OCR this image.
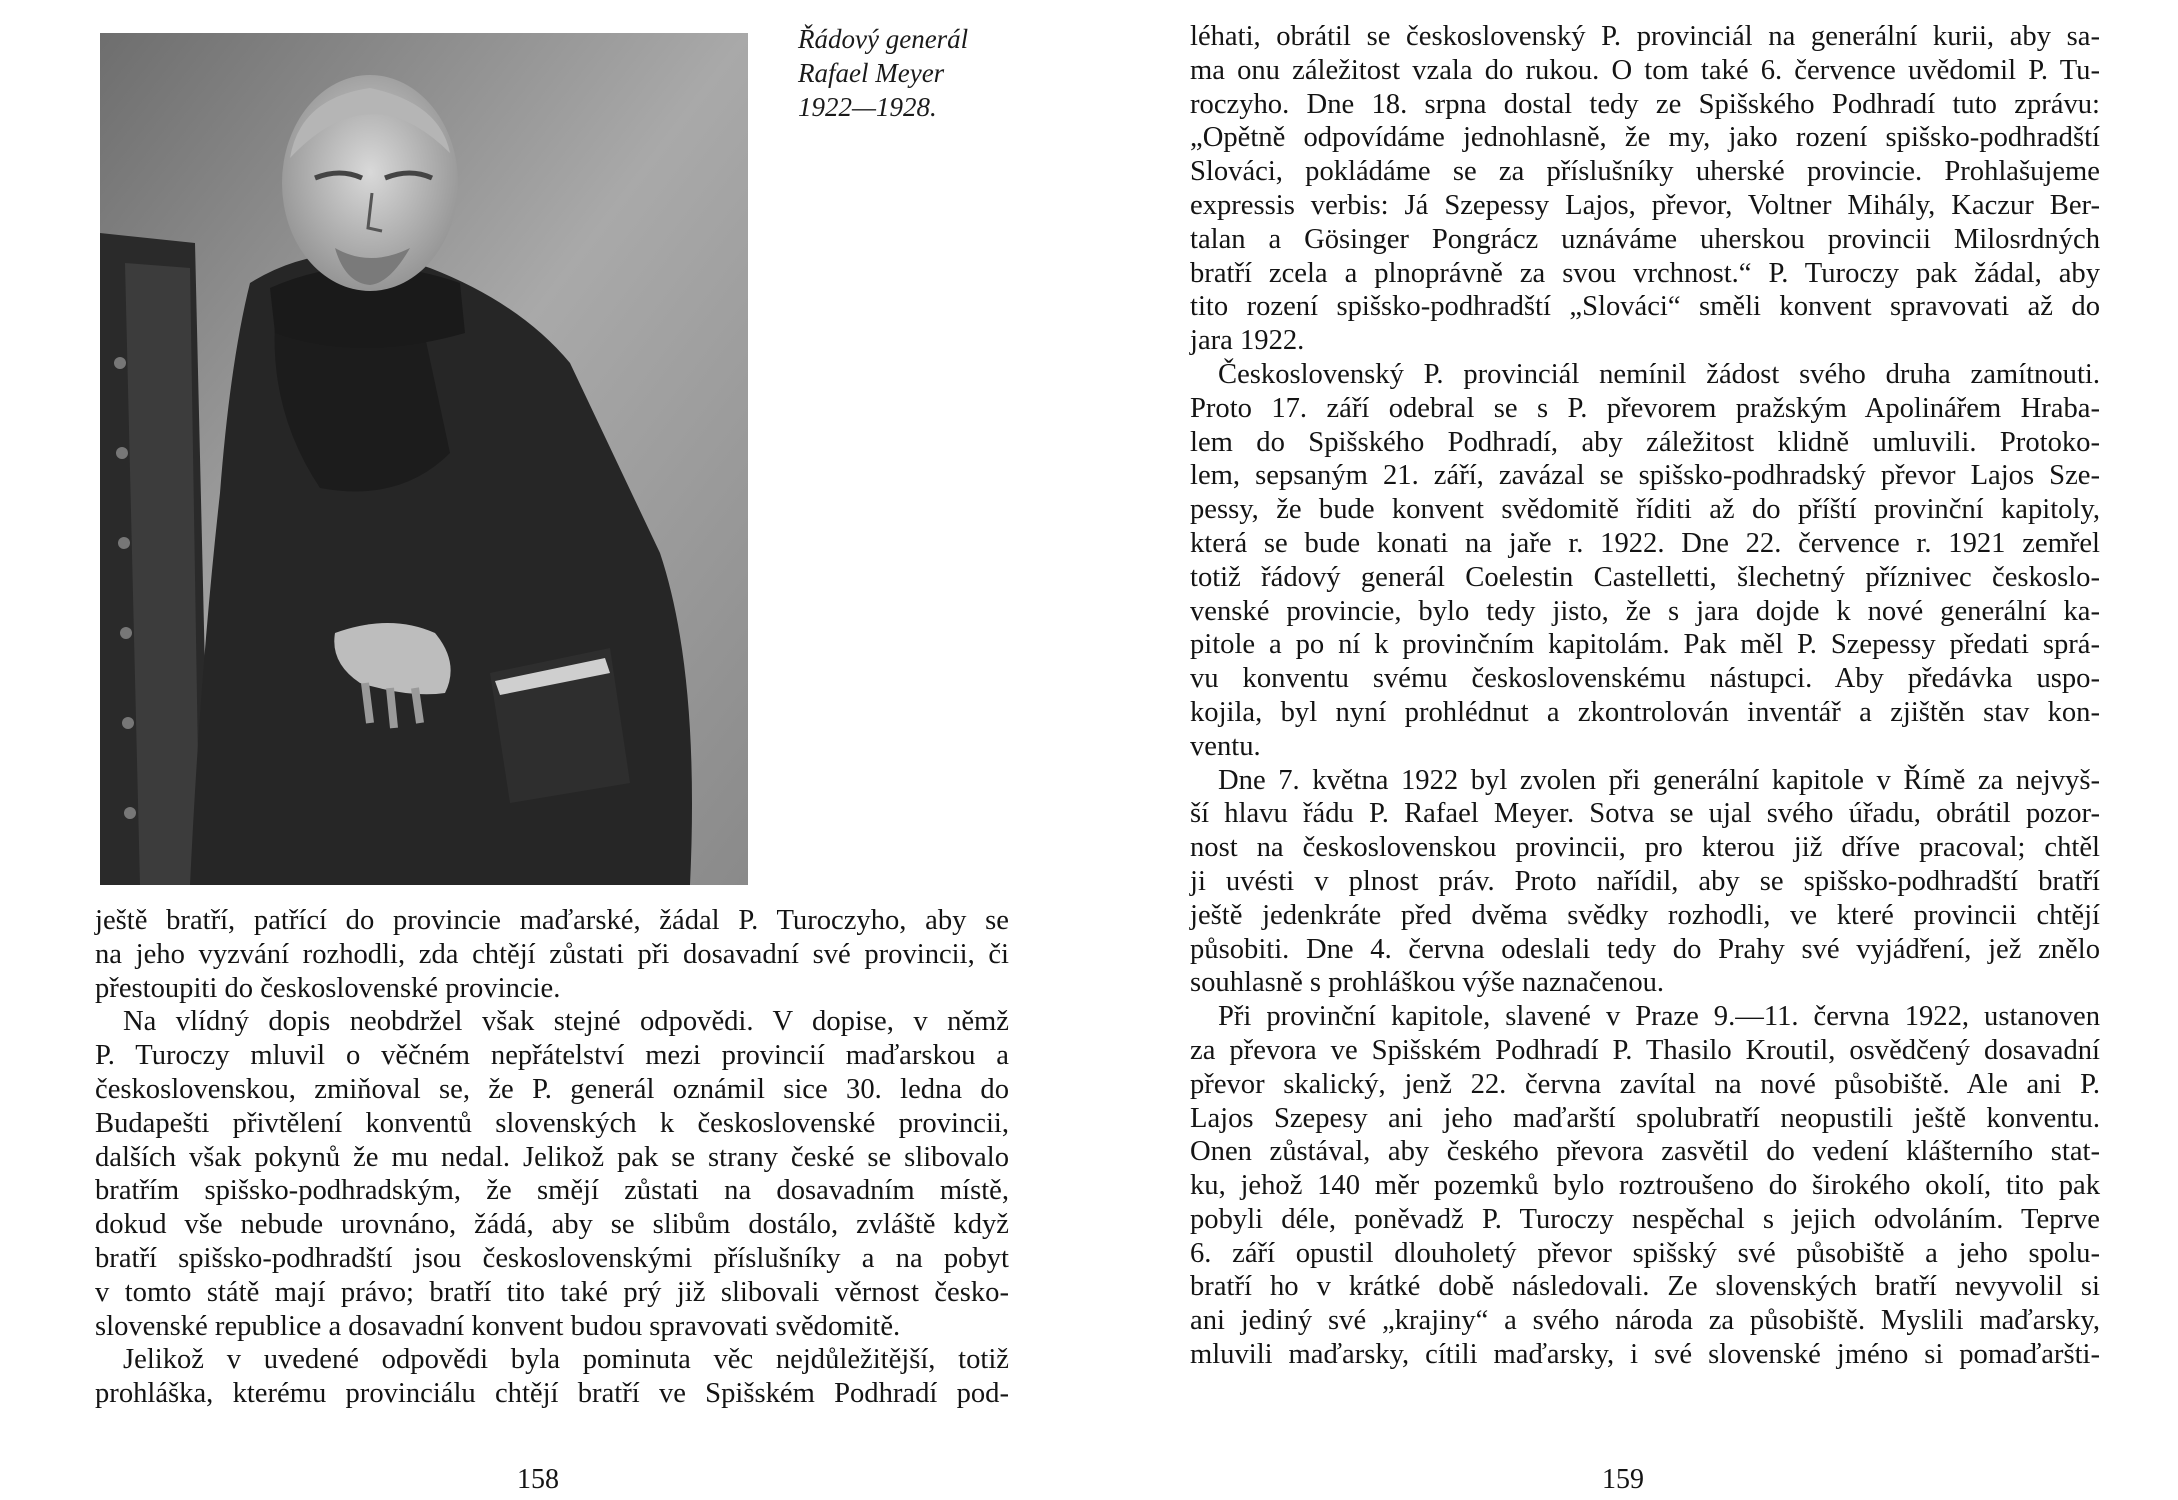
Řádový generál
Rafael Meyer
1922—1928.
ještě bratří, patřící do provincie maďarské, žádal P. Turoczyho, aby se
na jeho vyzvání rozhodli, zda chtějí zůstati při dosavadní své provincii, či
přestoupiti do československé provincie.
Na vlídný dopis neobdržel však stejné odpovědi. V dopise, v němž
P. Turoczy mluvil o věčném nepřátelství mezi provincií maďarskou a
československou, zmiňoval se, že P. generál oznámil sice 30. ledna do
Budapešti přivtělení konventů slovenských k československé provincii,
dalších však pokynů že mu nedal. Jelikož pak se strany české se slibovalo
bratřím spišsko-podhradským, že smějí zůstati na dosavadním místě,
dokud vše nebude urovnáno, žádá, aby se slibům dostálo, zvláště když
bratří spišsko-podhradští jsou československými příslušníky a na pobyt
v tomto státě mají právo; bratří tito také prý již slibovali věrnost česko-
slovenské republice a dosavadní konvent budou spravovati svědomitě.
Jelikož v uvedené odpovědi byla pominuta věc nejdůležitější, totiž
prohláška, kterému provinciálu chtějí bratří ve Spišském Podhradí pod-
158
léhati, obrátil se československý P. provinciál na generální kurii, aby sa-
ma onu záležitost vzala do rukou. O tom také 6. července uvědomil P. Tu-
roczyho. Dne 18. srpna dostal tedy ze Spišského Podhradí tuto zprávu:
„Opětně odpovídáme jednohlasně, že my, jako rození spišsko-podhradští
Slováci, pokládáme se za příslušníky uherské provincie. Prohlašujeme
expressis verbis: Já Szepessy Lajos, převor, Voltner Mihály, Kaczur Ber-
talan a Gösinger Pongrácz uznáváme uherskou provincii Milosrdných
bratří zcela a plnoprávně za svou vrchnost.“ P. Turoczy pak žádal, aby
tito rození spišsko-podhradští „Slováci“ směli konvent spravovati až do
jara 1922.
Československý P. provinciál nemínil žádost svého druha zamítnouti.
Proto 17. září odebral se s P. převorem pražským Apolinářem Hraba-
lem do Spišského Podhradí, aby záležitost klidně umluvili. Protoko-
lem, sepsaným 21. září, zavázal se spišsko-podhradský převor Lajos Sze-
pessy, že bude konvent svědomitě říditi až do příští provinční kapitoly,
která se bude konati na jaře r. 1922. Dne 22. července r. 1921 zemřel
totiž řádový generál Coelestin Castelletti, šlechetný příznivec českoslo-
venské provincie, bylo tedy jisto, že s jara dojde k nové generální ka-
pitole a po ní k provinčním kapitolám. Pak měl P. Szepessy předati sprá-
vu konventu svému československému nástupci. Aby předávka uspo-
kojila, byl nyní prohlédnut a zkontrolován inventář a zjištěn stav kon-
ventu.
Dne 7. května 1922 byl zvolen při generální kapitole v Římě za nejvyš-
ší hlavu řádu P. Rafael Meyer. Sotva se ujal svého úřadu, obrátil pozor-
nost na československou provincii, pro kterou již dříve pracoval; chtěl
ji uvésti v plnost práv. Proto nařídil, aby se spišsko-podhradští bratří
ještě jedenkráte před dvěma svědky rozhodli, ve které provincii chtějí
působiti. Dne 4. června odeslali tedy do Prahy své vyjádření, jež znělo
souhlasně s prohláškou výše naznačenou.
Při provinční kapitole, slavené v Praze 9.—11. června 1922, ustanoven
za převora ve Spišském Podhradí P. Thasilo Kroutil, osvědčený dosavadní
převor skalický, jenž 22. června zavítal na nové působiště. Ale ani P.
Lajos Szepesy ani jeho maďarští spolubratří neopustili ještě konventu.
Onen zůstával, aby českého převora zasvětil do vedení klášterního stat-
ku, jehož 140 měr pozemků bylo roztroušeno do širokého okolí, tito pak
pobyli déle, poněvadž P. Turoczy nespěchal s jejich odvoláním. Teprve
6. září opustil dlouholetý převor spišský své působiště a jeho spolu-
bratří ho v krátké době následovali. Ze slovenských bratří nevyvolil si
ani jediný své „krajiny“ a svého národa za působiště. Myslili maďarsky,
mluvili maďarsky, cítili maďarsky, i své slovenské jméno si pomaďaršti-
159
